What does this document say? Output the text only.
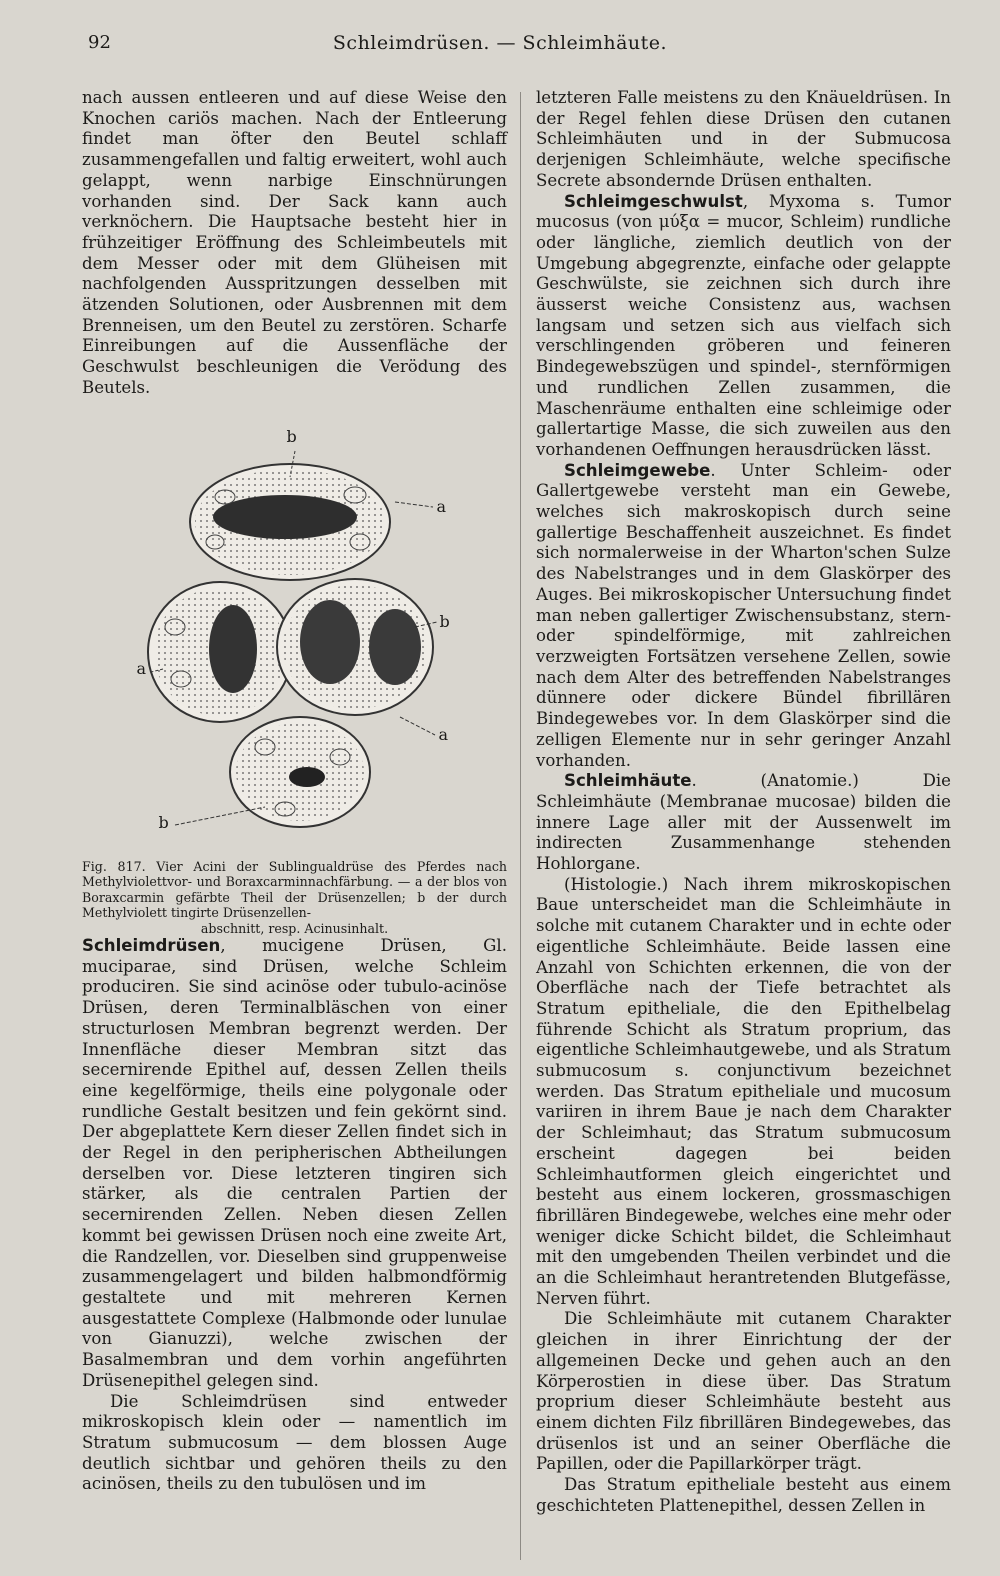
92	Schleimdrüsen. — Schleimhäute.

nach aussen entleeren und auf diese Weise den Knochen cariös machen. Nach der Entleerung findet man öfter den Beutel schlaff zusammengefallen und faltig erweitert, wohl auch gelappt, wenn narbige Einschnürungen vorhanden sind. Der Sack kann auch verknöchern. Die Hauptsache besteht hier in frühzeitiger Eröffnung des Schleimbeutels mit dem Messer oder mit dem Glüheisen mit nachfolgenden Ausspritzungen desselben mit ätzenden Solutionen, oder Ausbrennen mit dem Brenneisen, um den Beutel zu zerstören. Scharfe Einreibungen auf die Aussenfläche der Geschwulst beschleunigen die Verödung des Beutels.

b
a
b
a
a
b

Fig. 817. Vier Acini der Sublingualdrüse des Pferdes nach Methylviolettvor- und Boraxcarminnachfärbung. — a der blos von Boraxcarmin gefärbte Theil der Drüsenzellen; b der durch Methylviolett tingirte Drüsenzellen-
abschnitt, resp. Acinusinhalt.

Schleimdrüsen, mucigene Drüsen, Gl. muciparae, sind Drüsen, welche Schleim produciren. Sie sind acinöse oder tubulo-acinöse Drüsen, deren Terminalbläschen von einer structurlosen Membran begrenzt werden. Der Innenfläche dieser Membran sitzt das secernirende Epithel auf, dessen Zellen theils eine kegelförmige, theils eine polygonale oder rundliche Gestalt besitzen und fein gekörnt sind. Der abgeplattete Kern dieser Zellen findet sich in der Regel in den peripherischen Abtheilungen derselben vor. Diese letzteren tingiren sich stärker, als die centralen Partien der secernirenden Zellen. Neben diesen Zellen kommt bei gewissen Drüsen noch eine zweite Art, die Randzellen, vor. Dieselben sind gruppenweise zusammengelagert und bilden halbmondförmig gestaltete und mit mehreren Kernen ausgestattete Complexe (Halbmonde oder lunulae von Gianuzzi), welche zwischen der Basalmembran und dem vorhin angeführten Drüsenepithel gelegen sind.

Die Schleimdrüsen sind entweder mikroskopisch klein oder — namentlich im Stratum submucosum — dem blossen Auge deutlich sichtbar und gehören theils zu den acinösen, theils zu den tubulösen und im

letzteren Falle meistens zu den Knäueldrüsen. In der Regel fehlen diese Drüsen den cutanen Schleimhäuten und in der Submucosa derjenigen Schleimhäute, welche specifische Secrete absondernde Drüsen enthalten.

Schleimgeschwulst, Myxoma s. Tumor mucosus (von μύξα = mucor, Schleim) rundliche oder längliche, ziemlich deutlich von der Umgebung abgegrenzte, einfache oder gelappte Geschwülste, sie zeichnen sich durch ihre äusserst weiche Consistenz aus, wachsen langsam und setzen sich aus vielfach sich verschlingenden gröberen und feineren Bindegewebszügen und spindel-, sternförmigen und rundlichen Zellen zusammen, die Maschenräume enthalten eine schleimige oder gallertartige Masse, die sich zuweilen aus den vorhandenen Oeffnungen herausdrücken lässt.

Schleimgewebe. Unter Schleim- oder Gallertgewebe versteht man ein Gewebe, welches sich makroskopisch durch seine gallertige Beschaffenheit auszeichnet. Es findet sich normalerweise in der Wharton'schen Sulze des Nabelstranges und in dem Glaskörper des Auges. Bei mikroskopischer Untersuchung findet man neben gallertiger Zwischensubstanz, stern- oder spindelförmige, mit zahlreichen verzweigten Fortsätzen versehene Zellen, sowie nach dem Alter des betreffenden Nabelstranges dünnere oder dickere Bündel fibrillären Bindegewebes vor. In dem Glaskörper sind die zelligen Elemente nur in sehr geringer Anzahl vorhanden.

Schleimhäute. (Anatomie.) Die Schleimhäute (Membranae mucosae) bilden die innere Lage aller mit der Aussenwelt im indirecten Zusammenhange stehenden Hohlorgane.

(Histologie.) Nach ihrem mikroskopischen Baue unterscheidet man die Schleimhäute in solche mit cutanem Charakter und in echte oder eigentliche Schleimhäute. Beide lassen eine Anzahl von Schichten erkennen, die von der Oberfläche nach der Tiefe betrachtet als Stratum epitheliale, die den Epithelbelag führende Schicht als Stratum proprium, das eigentliche Schleimhautgewebe, und als Stratum submucosum s. conjunctivum bezeichnet werden. Das Stratum epitheliale und mucosum variiren in ihrem Baue je nach dem Charakter der Schleimhaut; das Stratum submucosum erscheint dagegen bei beiden Schleimhautformen gleich eingerichtet und besteht aus einem lockeren, grossmaschigen fibrillären Bindegewebe, welches eine mehr oder weniger dicke Schicht bildet, die Schleimhaut mit den umgebenden Theilen verbindet und die an die Schleimhaut herantretenden Blutgefässe, Nerven führt.

Die Schleimhäute mit cutanem Charakter gleichen in ihrer Einrichtung der der allgemeinen Decke und gehen auch an den Körperostien in diese über. Das Stratum proprium dieser Schleimhäute besteht aus einem dichten Filz fibrillären Bindegewebes, das drüsenlos ist und an seiner Oberfläche die Papillen, oder die Papillarkörper trägt.

Das Stratum epitheliale besteht aus einem geschichteten Plattenepithel, dessen Zellen in
